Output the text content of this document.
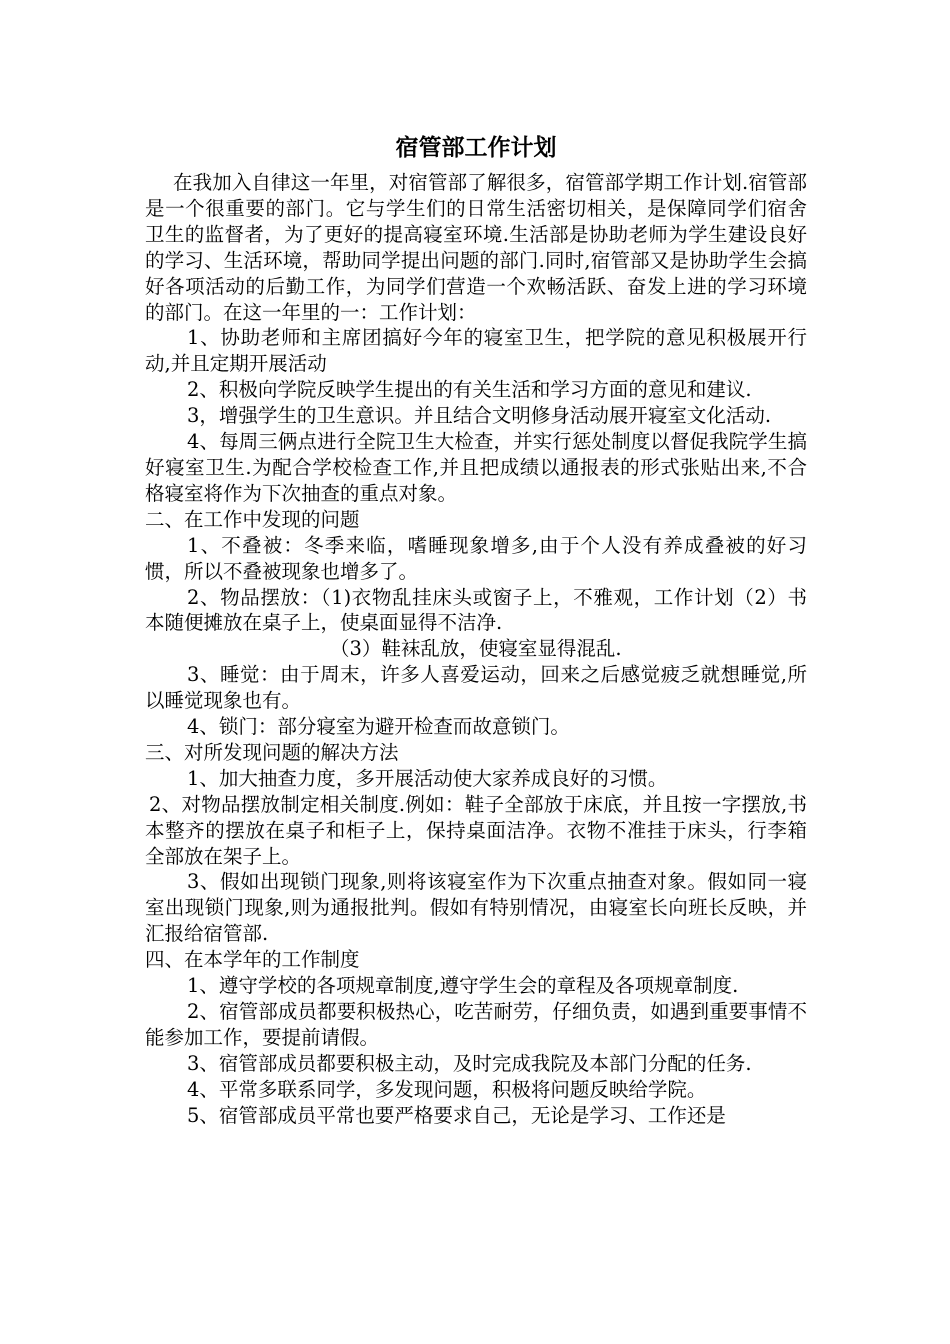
宿管部工作计划

在我加入自律这一年里，对宿管部了解很多，宿管部学期工作计划.宿管部是一个很重要的部门。它与学生们的日常生活密切相关，是保障同学们宿舍卫生的监督者，为了更好的提高寝室环境.生活部是协助老师为学生建设良好的学习、生活环境，帮助同学提出问题的部门.同时,宿管部又是协助学生会搞好各项活动的后勤工作，为同学们营造一个欢畅活跃、奋发上进的学习环境的部门。在这一年里的一：工作计划：

1、协助老师和主席团搞好今年的寝室卫生，把学院的意见积极展开行动,并且定期开展活动

2、积极向学院反映学生提出的有关生活和学习方面的意见和建议.

3，增强学生的卫生意识。并且结合文明修身活动展开寝室文化活动.

4、每周三俩点进行全院卫生大检查，并实行惩处制度以督促我院学生搞好寝室卫生.为配合学校检查工作,并且把成绩以通报表的形式张贴出来,不合格寝室将作为下次抽查的重点对象。

二、在工作中发现的问题

1、不叠被：冬季来临，嗜睡现象增多,由于个人没有养成叠被的好习惯，所以不叠被现象也增多了。

2、物品摆放：（1)衣物乱挂床头或窗子上，不雅观，工作计划（2）书本随便摊放在桌子上，使桌面显得不洁净.

（3）鞋袜乱放，使寝室显得混乱.

3、睡觉：由于周末，许多人喜爱运动，回来之后感觉疲乏就想睡觉,所以睡觉现象也有。

4、锁门：部分寝室为避开检查而故意锁门。

三、对所发现问题的解决方法

1、加大抽查力度，多开展活动使大家养成良好的习惯。

2、对物品摆放制定相关制度.例如：鞋子全部放于床底，并且按一字摆放,书本整齐的摆放在桌子和柜子上，保持桌面洁净。衣物不准挂于床头，行李箱全部放在架子上。

3、假如出现锁门现象,则将该寝室作为下次重点抽查对象。假如同一寝室出现锁门现象,则为通报批判。假如有特别情况，由寝室长向班长反映，并汇报给宿管部.

四、在本学年的工作制度

1、遵守学校的各项规章制度,遵守学生会的章程及各项规章制度.

2、宿管部成员都要积极热心，吃苦耐劳，仔细负责，如遇到重要事情不能参加工作，要提前请假。

3、宿管部成员都要积极主动，及时完成我院及本部门分配的任务.

4、平常多联系同学，多发现问题，积极将问题反映给学院。

5、宿管部成员平常也要严格要求自己，无论是学习、工作还是
